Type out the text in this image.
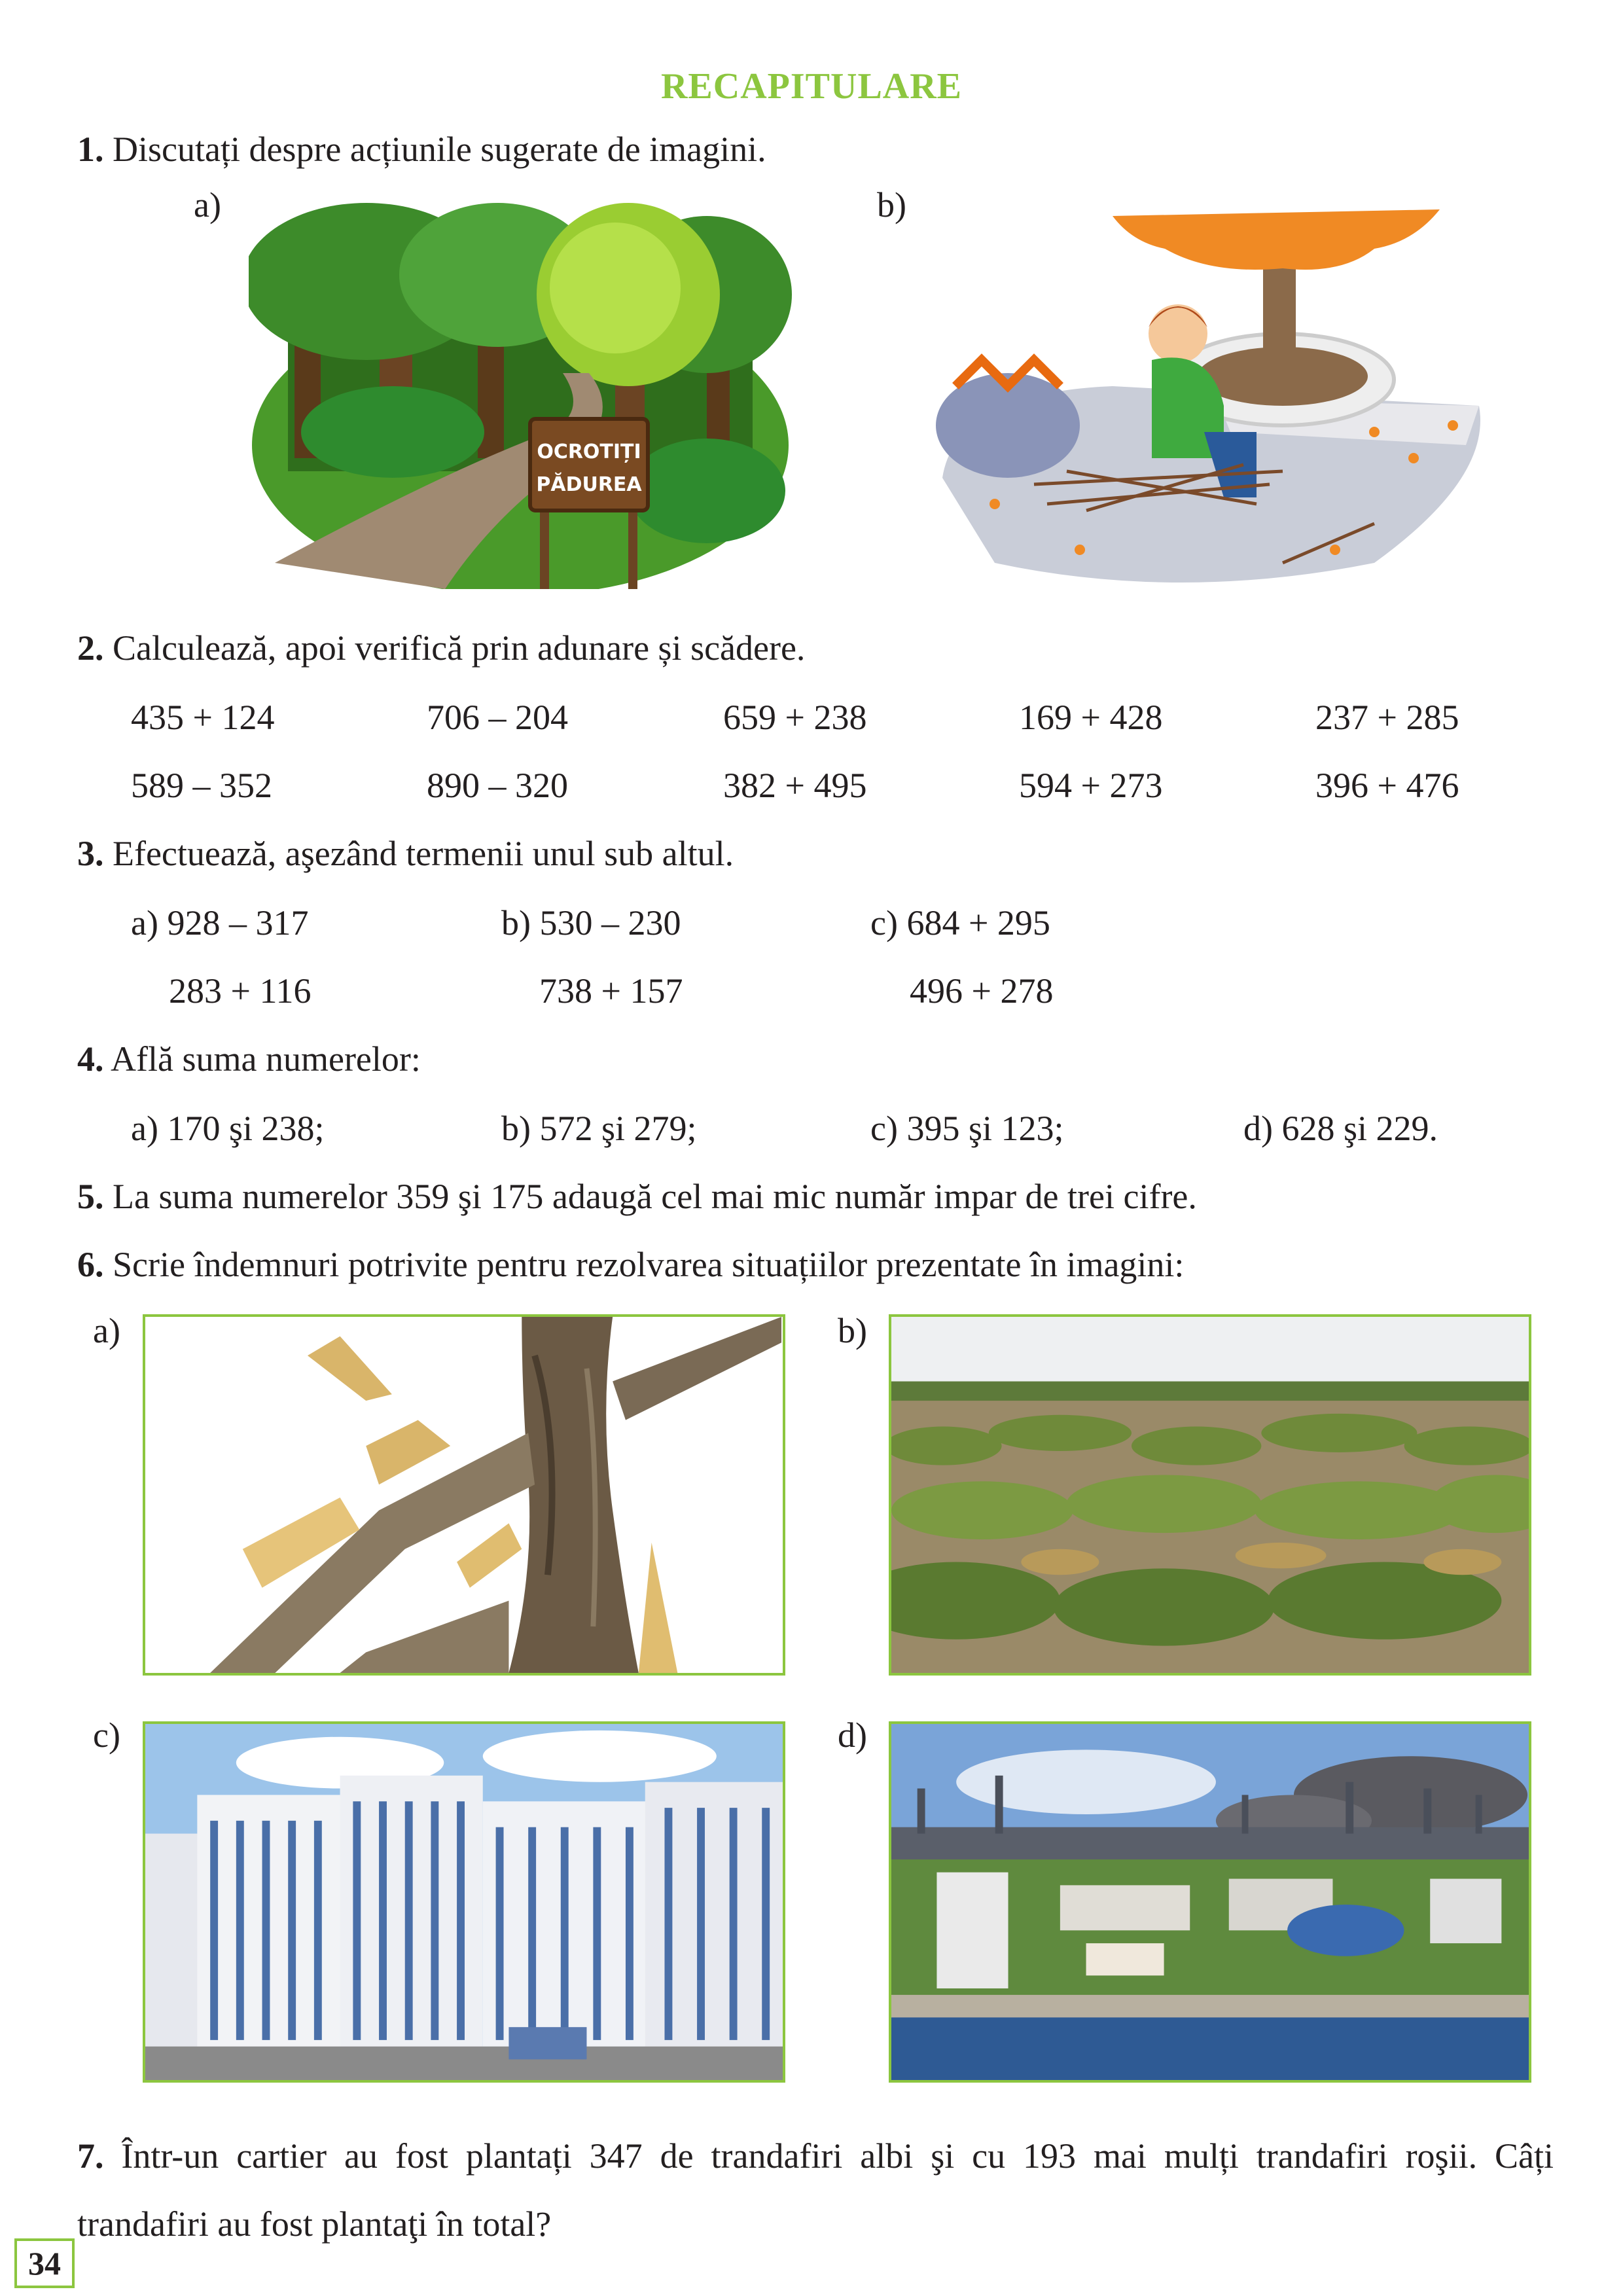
RECAPITULARE
1. Discutați despre acțiunile sugerate de imagini.
a)	b)
OCROTIȚI
PĂDUREA
2. Calculează, apoi verifică prin adunare și scădere.
435 + 124	706 – 204	659 + 238	169 + 428	237 + 285
589 – 352	890 – 320	382 + 495	594 + 273	396 + 476
3. Efectuează, aşezând termenii unul sub altul.
a) 928 – 317	b) 530 – 230	c) 684 + 295
283 + 116	738 + 157	496 + 278
4. Află suma numerelor:
a) 170 şi 238;	b) 572 şi 279;	c) 395 şi 123;	d) 628 şi 229.
5. La suma numerelor 359 şi 175 adaugă cel mai mic număr impar de trei cifre.
6. Scrie îndemnuri potrivite pentru rezolvarea situațiilor prezentate în imagini:
a)	b)
c)	d)
7. Într-un cartier au fost plantați 347 de trandafiri albi şi cu 193 mai mulți trandafiri roşii. Câți
trandafiri au fost plantaţi în total?
34
